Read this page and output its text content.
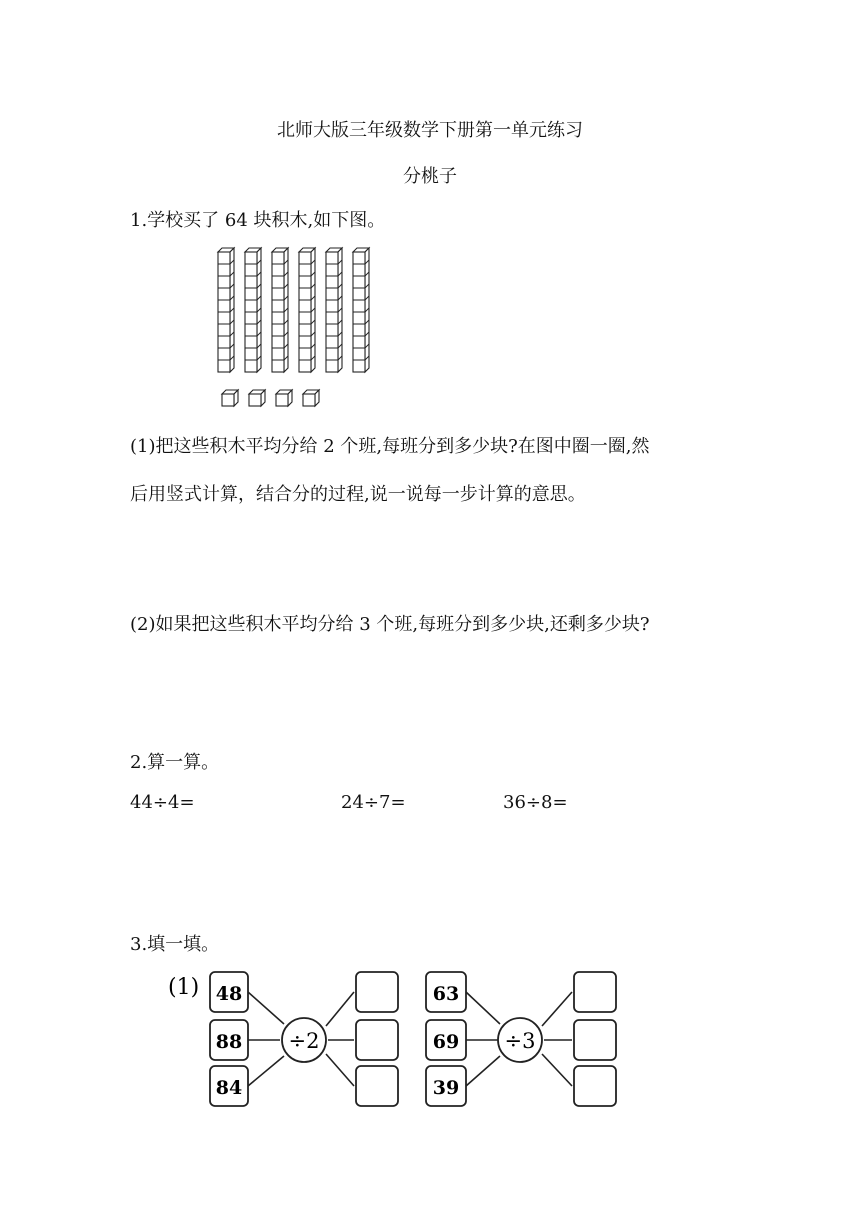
北师大版三年级数学下册第一单元练习
分桃子
1.学校买了 64 块积木,如下图。
(1)把这些积木平均分给 2 个班,每班分到多少块?在图中圈一圈,然
后用竖式计算，结合分的过程,说一说每一步计算的意思。
(2)如果把这些积木平均分给 3 个班,每班分到多少块,还剩多少块?
2.算一算。
44÷4=	24÷7=	36÷8=
3.填一填。
(1) 48
88
84
÷2
63
69
39
÷3
